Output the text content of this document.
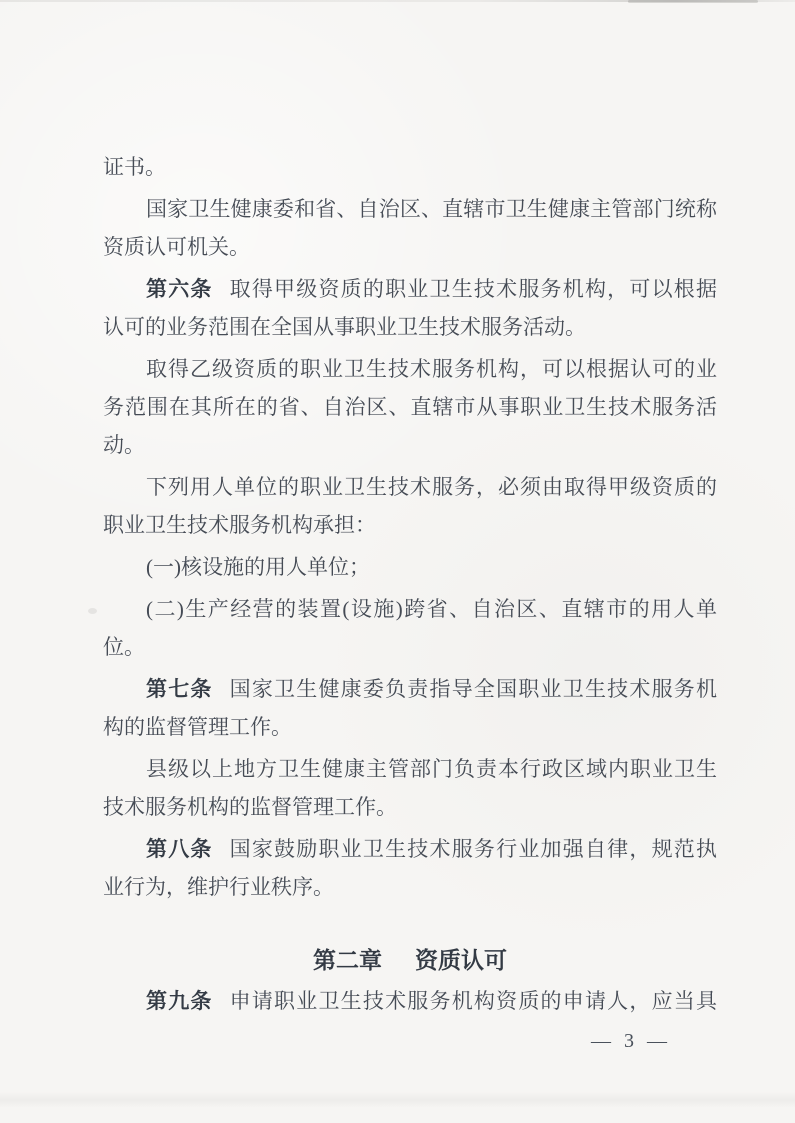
证书。
国家卫生健康委和省、自治区、直辖市卫生健康主管部门统称
资质认可机关。
第六条 取得甲级资质的职业卫生技术服务机构，可以根据
认可的业务范围在全国从事职业卫生技术服务活动。
取得乙级资质的职业卫生技术服务机构，可以根据认可的业
务范围在其所在的省、自治区、直辖市从事职业卫生技术服务活
动。
下列用人单位的职业卫生技术服务，必须由取得甲级资质的
职业卫生技术服务机构承担：
(一)核设施的用人单位；
(二)生产经营的装置(设施)跨省、自治区、直辖市的用人单
位。
第七条 国家卫生健康委负责指导全国职业卫生技术服务机
构的监督管理工作。
县级以上地方卫生健康主管部门负责本行政区域内职业卫生
技术服务机构的监督管理工作。
第八条 国家鼓励职业卫生技术服务行业加强自律，规范执
业行为，维护行业秩序。
第二章 资质认可
第九条 申请职业卫生技术服务机构资质的申请人，应当具
— 3 —
